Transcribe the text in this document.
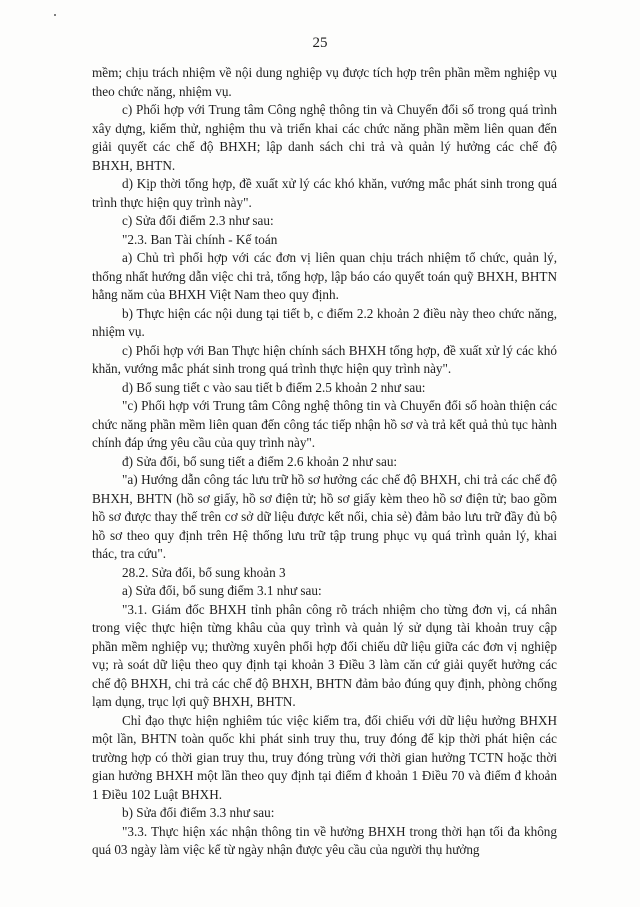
25

mềm; chịu trách nhiệm về nội dung nghiệp vụ được tích hợp trên phần mềm nghiệp vụ theo chức năng, nhiệm vụ.

c) Phối hợp với Trung tâm Công nghệ thông tin và Chuyển đổi số trong quá trình xây dựng, kiểm thử, nghiệm thu và triển khai các chức năng phần mềm liên quan đến giải quyết các chế độ BHXH; lập danh sách chi trả và quản lý hưởng các chế độ BHXH, BHTN.

d) Kịp thời tổng hợp, đề xuất xử lý các khó khăn, vướng mắc phát sinh trong quá trình thực hiện quy trình này".

c) Sửa đổi điểm 2.3 như sau:

"2.3. Ban Tài chính - Kế toán

a) Chủ trì phối hợp với các đơn vị liên quan chịu trách nhiệm tổ chức, quản lý, thống nhất hướng dẫn việc chi trả, tổng hợp, lập báo cáo quyết toán quỹ BHXH, BHTN hằng năm của BHXH Việt Nam theo quy định.

b) Thực hiện các nội dung tại tiết b, c điểm 2.2 khoản 2 điều này theo chức năng, nhiệm vụ.

c) Phối hợp với Ban Thực hiện chính sách BHXH tổng hợp, đề xuất xử lý các khó khăn, vướng mắc phát sinh trong quá trình thực hiện quy trình này".

d) Bổ sung tiết c vào sau tiết b điểm 2.5 khoản 2 như sau:

"c) Phối hợp với Trung tâm Công nghệ thông tin và Chuyển đổi số hoàn thiện các chức năng phần mềm liên quan đến công tác tiếp nhận hồ sơ và trả kết quả thủ tục hành chính đáp ứng yêu cầu của quy trình này".

đ) Sửa đổi, bổ sung tiết a điểm 2.6 khoản 2 như sau:

"a) Hướng dẫn công tác lưu trữ hồ sơ hưởng các chế độ BHXH, chi trả các chế độ BHXH, BHTN (hồ sơ giấy, hồ sơ điện tử; hồ sơ giấy kèm theo hồ sơ điện tử; bao gồm hồ sơ được thay thế trên cơ sở dữ liệu được kết nối, chia sẻ) đảm bảo lưu trữ đầy đủ bộ hồ sơ theo quy định trên Hệ thống lưu trữ tập trung phục vụ quá trình quản lý, khai thác, tra cứu".

28.2. Sửa đổi, bổ sung khoản 3

a) Sửa đổi, bổ sung điểm 3.1 như sau:

"3.1. Giám đốc BHXH tỉnh phân công rõ trách nhiệm cho từng đơn vị, cá nhân trong việc thực hiện từng khâu của quy trình và quản lý sử dụng tài khoản truy cập phần mềm nghiệp vụ; thường xuyên phối hợp đối chiếu dữ liệu giữa các đơn vị nghiệp vụ; rà soát dữ liệu theo quy định tại khoản 3 Điều 3 làm căn cứ giải quyết hưởng các chế độ BHXH, chi trả các chế độ BHXH, BHTN đảm bảo đúng quy định, phòng chống lạm dụng, trục lợi quỹ BHXH, BHTN.

Chỉ đạo thực hiện nghiêm túc việc kiểm tra, đối chiếu với dữ liệu hưởng BHXH một lần, BHTN toàn quốc khi phát sinh truy thu, truy đóng để kịp thời phát hiện các trường hợp có thời gian truy thu, truy đóng trùng với thời gian hưởng TCTN hoặc thời gian hưởng BHXH một lần theo quy định tại điểm đ khoản 1 Điều 70 và điểm đ khoản 1 Điều 102 Luật BHXH.

b) Sửa đổi điểm 3.3 như sau:

"3.3. Thực hiện xác nhận thông tin về hưởng BHXH trong thời hạn tối đa không quá 03 ngày làm việc kể từ ngày nhận được yêu cầu của người thụ hưởng
